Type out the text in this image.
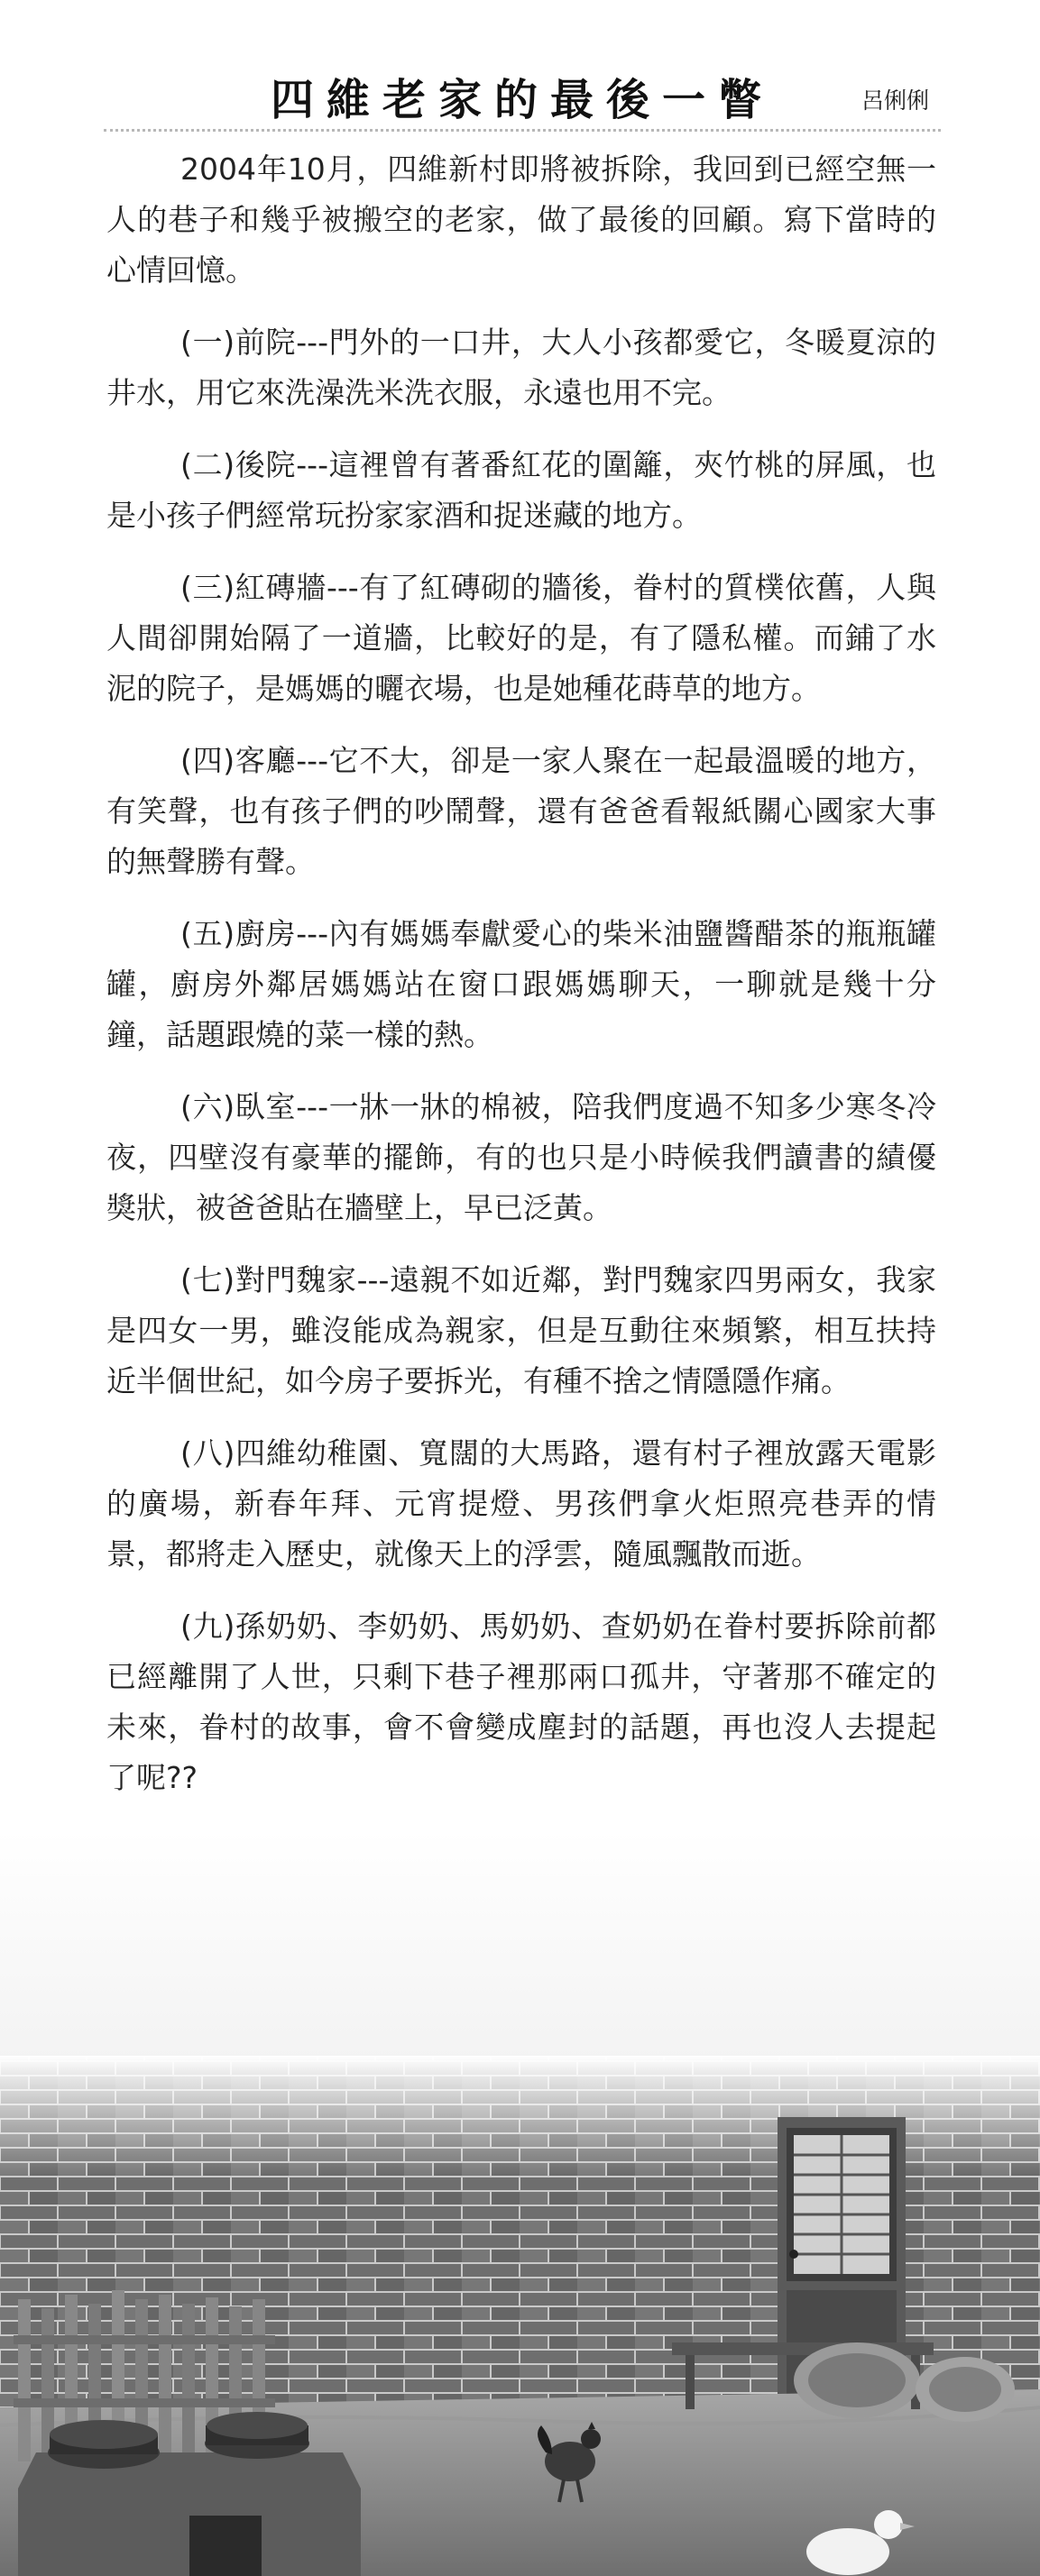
四維老家的最後一瞥	呂俐俐

2004年10月，四維新村即將被拆除，我回到已經空無一人的巷子和幾乎被搬空的老家，做了最後的回顧。寫下當時的心情回憶。

(一)前院---門外的一口井，大人小孩都愛它，冬暖夏涼的井水，用它來洗澡洗米洗衣服，永遠也用不完。

(二)後院---這裡曾有著番紅花的圍籬，夾竹桃的屏風，也是小孩子們經常玩扮家家酒和捉迷藏的地方。

(三)紅磚牆---有了紅磚砌的牆後，眷村的質樸依舊，人與人間卻開始隔了一道牆，比較好的是，有了隱私權。而鋪了水泥的院子，是媽媽的曬衣場，也是她種花蒔草的地方。

(四)客廳---它不大，卻是一家人聚在一起最溫暖的地方，有笑聲，也有孩子們的吵鬧聲，還有爸爸看報紙關心國家大事的無聲勝有聲。

(五)廚房---內有媽媽奉獻愛心的柴米油鹽醬醋茶的瓶瓶罐罐，廚房外鄰居媽媽站在窗口跟媽媽聊天，一聊就是幾十分鐘，話題跟燒的菜一樣的熱。

(六)臥室---一牀一牀的棉被，陪我們度過不知多少寒冬冷夜，四壁沒有豪華的擺飾，有的也只是小時候我們讀書的績優獎狀，被爸爸貼在牆壁上，早已泛黃。

(七)對門魏家---遠親不如近鄰，對門魏家四男兩女，我家是四女一男，雖沒能成為親家，但是互動往來頻繁，相互扶持近半個世紀，如今房子要拆光，有種不捨之情隱隱作痛。

(八)四維幼稚園、寬闊的大馬路，還有村子裡放露天電影的廣場，新春年拜、元宵提燈、男孩們拿火炬照亮巷弄的情景，都將走入歷史，就像天上的浮雲，隨風飄散而逝。

(九)孫奶奶、李奶奶、馬奶奶、查奶奶在眷村要拆除前都已經離開了人世，只剩下巷子裡那兩口孤井，守著那不確定的未來，眷村的故事，會不會變成塵封的話題，再也沒人去提起了呢??
